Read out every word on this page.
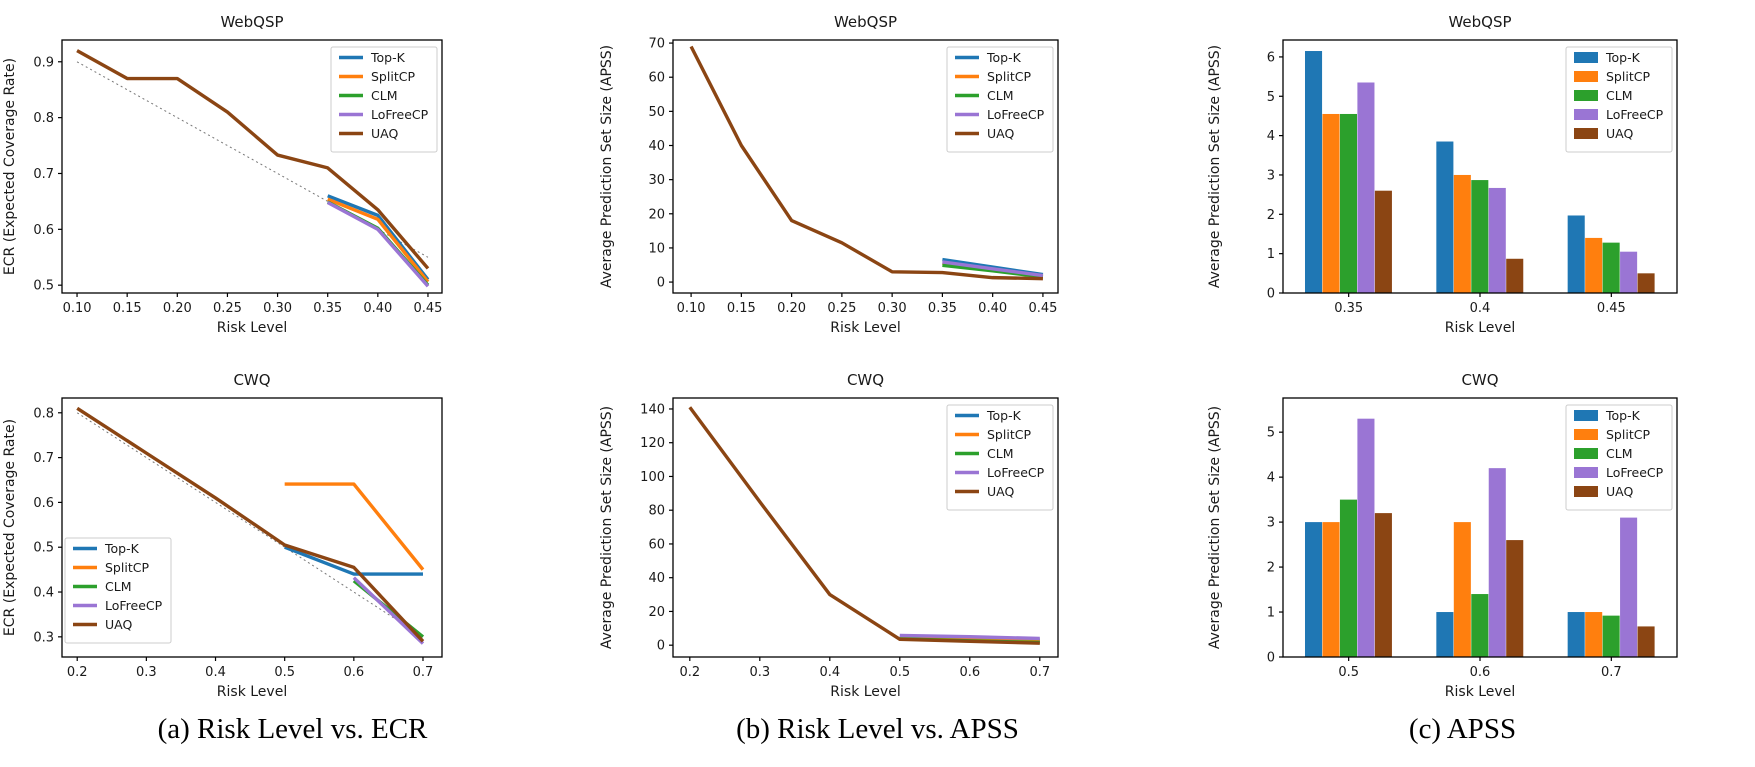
WebQSP
Risk Level
ECR (Expected Coverage Rate)
0.5
0.6
0.7
0.8
0.9
0.10 0.15 0.20 0.25 0.30 0.35 0.40 0.45
Top-K
SplitCP
CLM
LoFreeCP
UAQ
CWQ
Risk Level
ECR (Expected Coverage Rate)
0.3
0.4
0.5
0.6
0.7
0.8
0.2	0.3	0.4	0.5	0.6	0.7
Top-K
SplitCP
CLM
LoFreeCP
UAQ
(a) Risk Level vs. ECR
WebQSP
Risk Level
Average Prediction Set Size (APSS)	0
10
20
30
40
50
60
70
0.10 0.15 0.20 0.25 0.30 0.35 0.40 0.45
Top-K
SplitCP
CLM
LoFreeCP
UAQ
CWQ
Risk Level
Average Prediction Set Size (APSS)	0
20
40
60
80
100
120
140
0.2	0.3	0.4	0.5	0.6	0.7
Top-K
SplitCP
CLM
LoFreeCP
UAQ
(b) Risk Level vs. APSS
WebQSP
Risk Level
Average Prediction Set Size (APSS)
0
1
2
3
4
5
6
0.35	0.4	0.45
Top-K
SplitCP
CLM
LoFreeCP
UAQ
CWQ
Risk Level
Average Prediction Set Size (APSS)
0
1
2
3
4
5
0.5	0.6	0.7
Top-K
SplitCP
CLM
LoFreeCP
UAQ
(c) APSS
